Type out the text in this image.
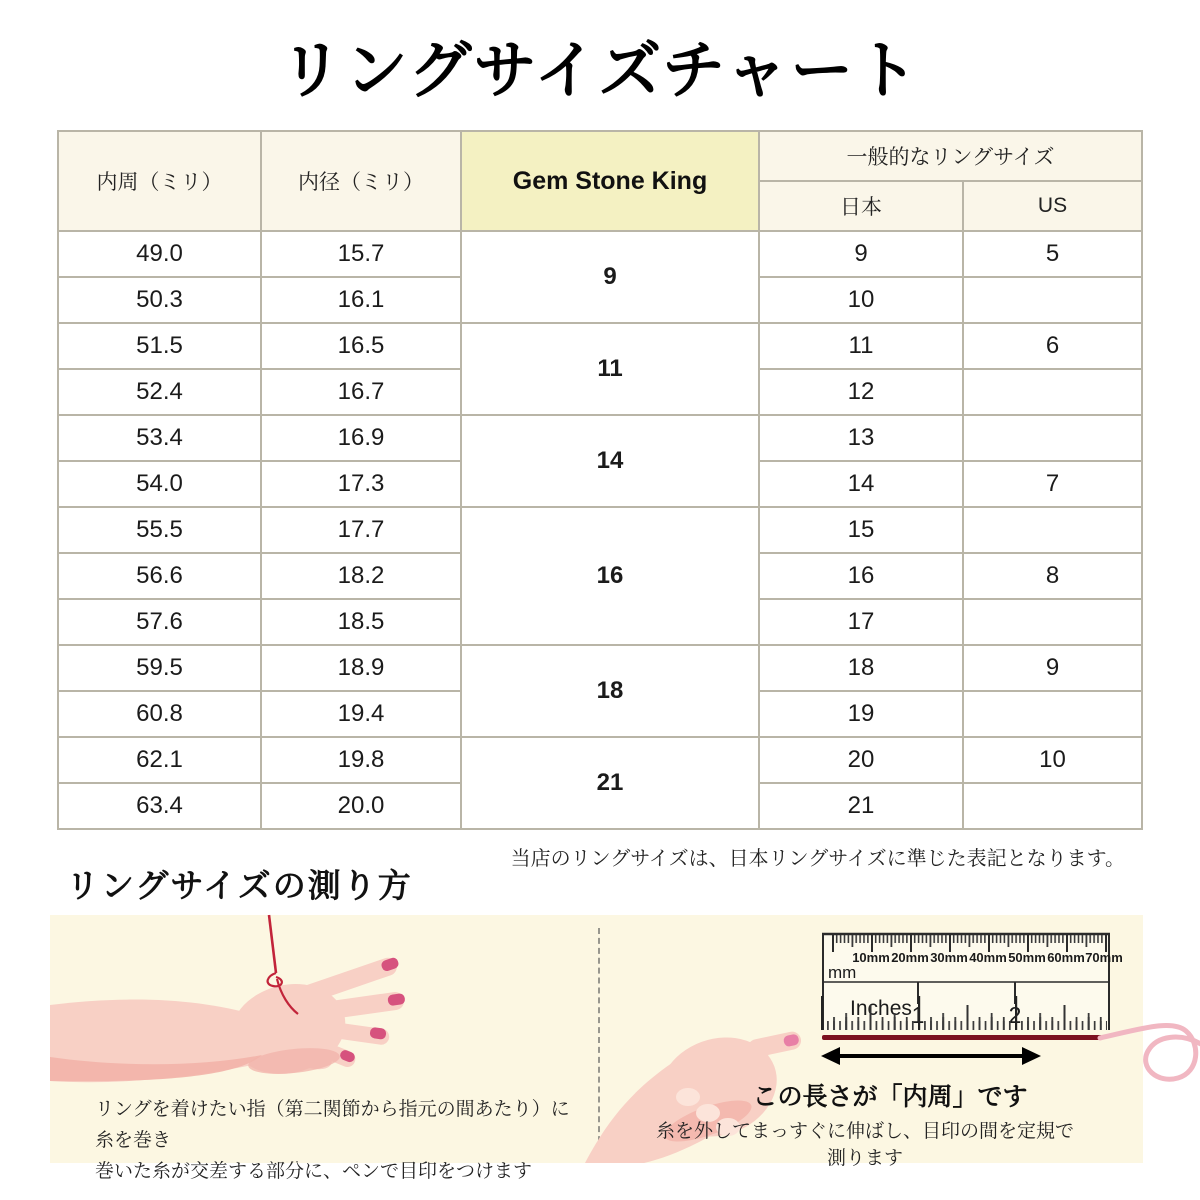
リングサイズチャート
内周（ミリ）	内径（ミリ）	Gem Stone King	一般的なリングサイズ	
			日本	US
49.0	15.7	9	9	5
50.3	16.1		10	
51.5	16.5	11	11	6
52.4	16.7		12	
53.4	16.9	14	13	
54.0	17.3		14	7
55.5	17.7	16	15	
56.6	18.2		16	8
57.6	18.5		17	
59.5	18.9	18	18	9
60.8	19.4		19	
62.1	19.8	21	20	10
63.4	20.0		21	
当店のリングサイズは、日本リングサイズに準じた表記となります。
リングサイズの測り方
10mm 20mm 30mm 40mm 50mm 60mm 70mm
mm
リングを着けたい指（第二関節から指元の間あたり）に糸を巻き
巻いた糸が交差する部分に、ペンで目印をつけます
この長さが「内周」です
糸を外してまっすぐに伸ばし、目印の間を定規で測ります
